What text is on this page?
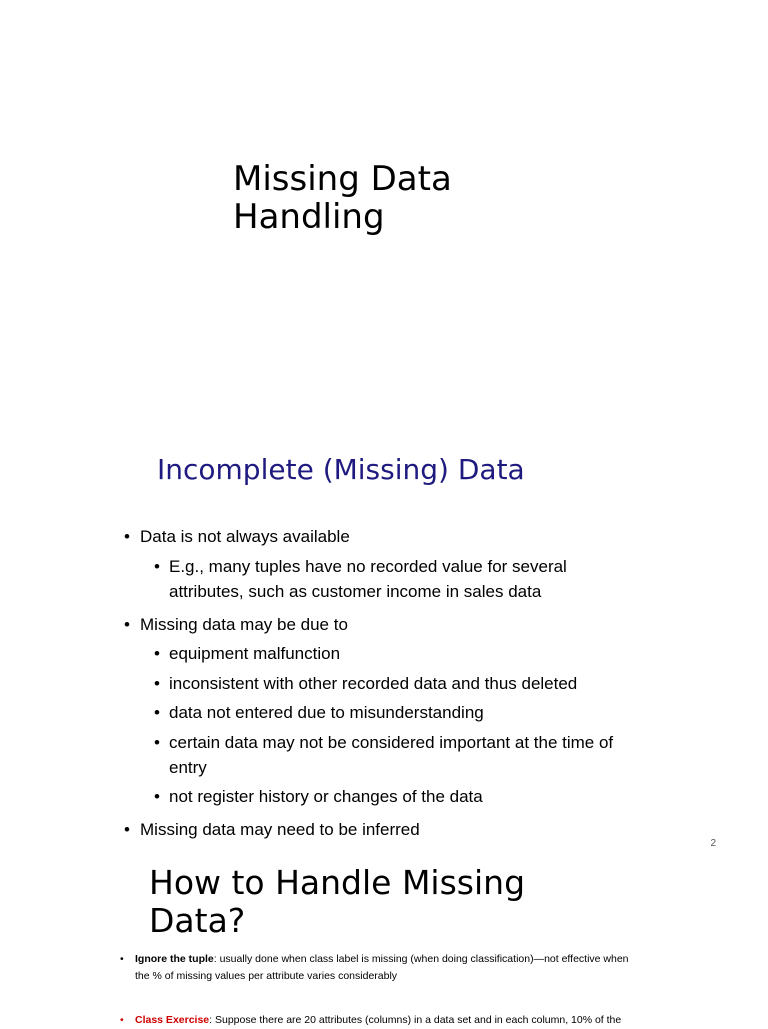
Missing Data
Handling
Incomplete (Missing) Data
• Data is not always available
• E.g., many tuples have no recorded value for several attributes, such as customer income in sales data
• Missing data may be due to
• equipment malfunction
• inconsistent with other recorded data and thus deleted
• data not entered due to misunderstanding
• certain data may not be considered important at the time of entry
• not register history or changes of the data
• Missing data may need to be inferred
2
How to Handle Missing
Data?
• Ignore the tuple: usually done when class label is missing (when doing classification)—not effective when the % of missing values per attribute varies considerably
• Class Exercise: Suppose there are 20 attributes (columns) in a data set and in each column, 10% of the
